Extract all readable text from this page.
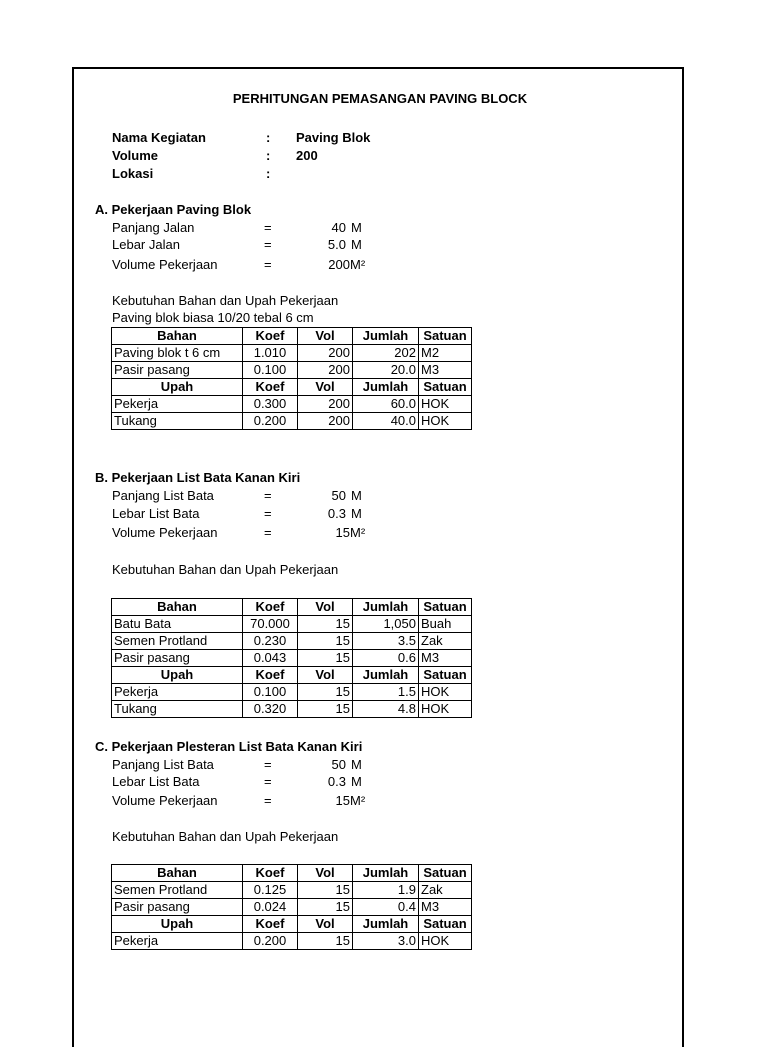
PERHITUNGAN PEMASANGAN PAVING BLOCK
Nama Kegiatan	: Paving Blok
Volume	: 200
Lokasi	:
A. Pekerjaan Paving Blok
Panjang Jalan	=	40 M
Lebar Jalan	=	5.0 M
Volume Pekerjaan	=	200 M²
Kebutuhan Bahan dan Upah Pekerjaan
Paving blok biasa 10/20 tebal 6 cm
Bahan	Koef	Vol	Jumlah	Satuan
Paving blok t 6 cm	1.010	200	202	M2
Pasir pasang	0.100	200	20.0	M3
Upah	Koef	Vol	Jumlah	Satuan
Pekerja	0.300	200	60.0	HOK
Tukang	0.200	200	40.0	HOK
B. Pekerjaan List Bata Kanan Kiri
Panjang List Bata	=	50 M
Lebar List Bata	=	0.3 M
Volume Pekerjaan	=	15 M²
Kebutuhan Bahan dan Upah Pekerjaan
Bahan	Koef	Vol	Jumlah	Satuan
Batu Bata	70.000	15	1,050	Buah
Semen Protland	0.230	15	3.5	Zak
Pasir pasang	0.043	15	0.6	M3
Upah	Koef	Vol	Jumlah	Satuan
Pekerja	0.100	15	1.5	HOK
Tukang	0.320	15	4.8	HOK
C. Pekerjaan Plesteran List Bata Kanan Kiri
Panjang List Bata	=	50 M
Lebar List Bata	=	0.3 M
Volume Pekerjaan	=	15 M²
Kebutuhan Bahan dan Upah Pekerjaan
Bahan	Koef	Vol	Jumlah	Satuan
Semen Protland	0.125	15	1.9	Zak
Pasir pasang	0.024	15	0.4	M3
Upah	Koef	Vol	Jumlah	Satuan
Pekerja	0.200	15	3.0	HOK
